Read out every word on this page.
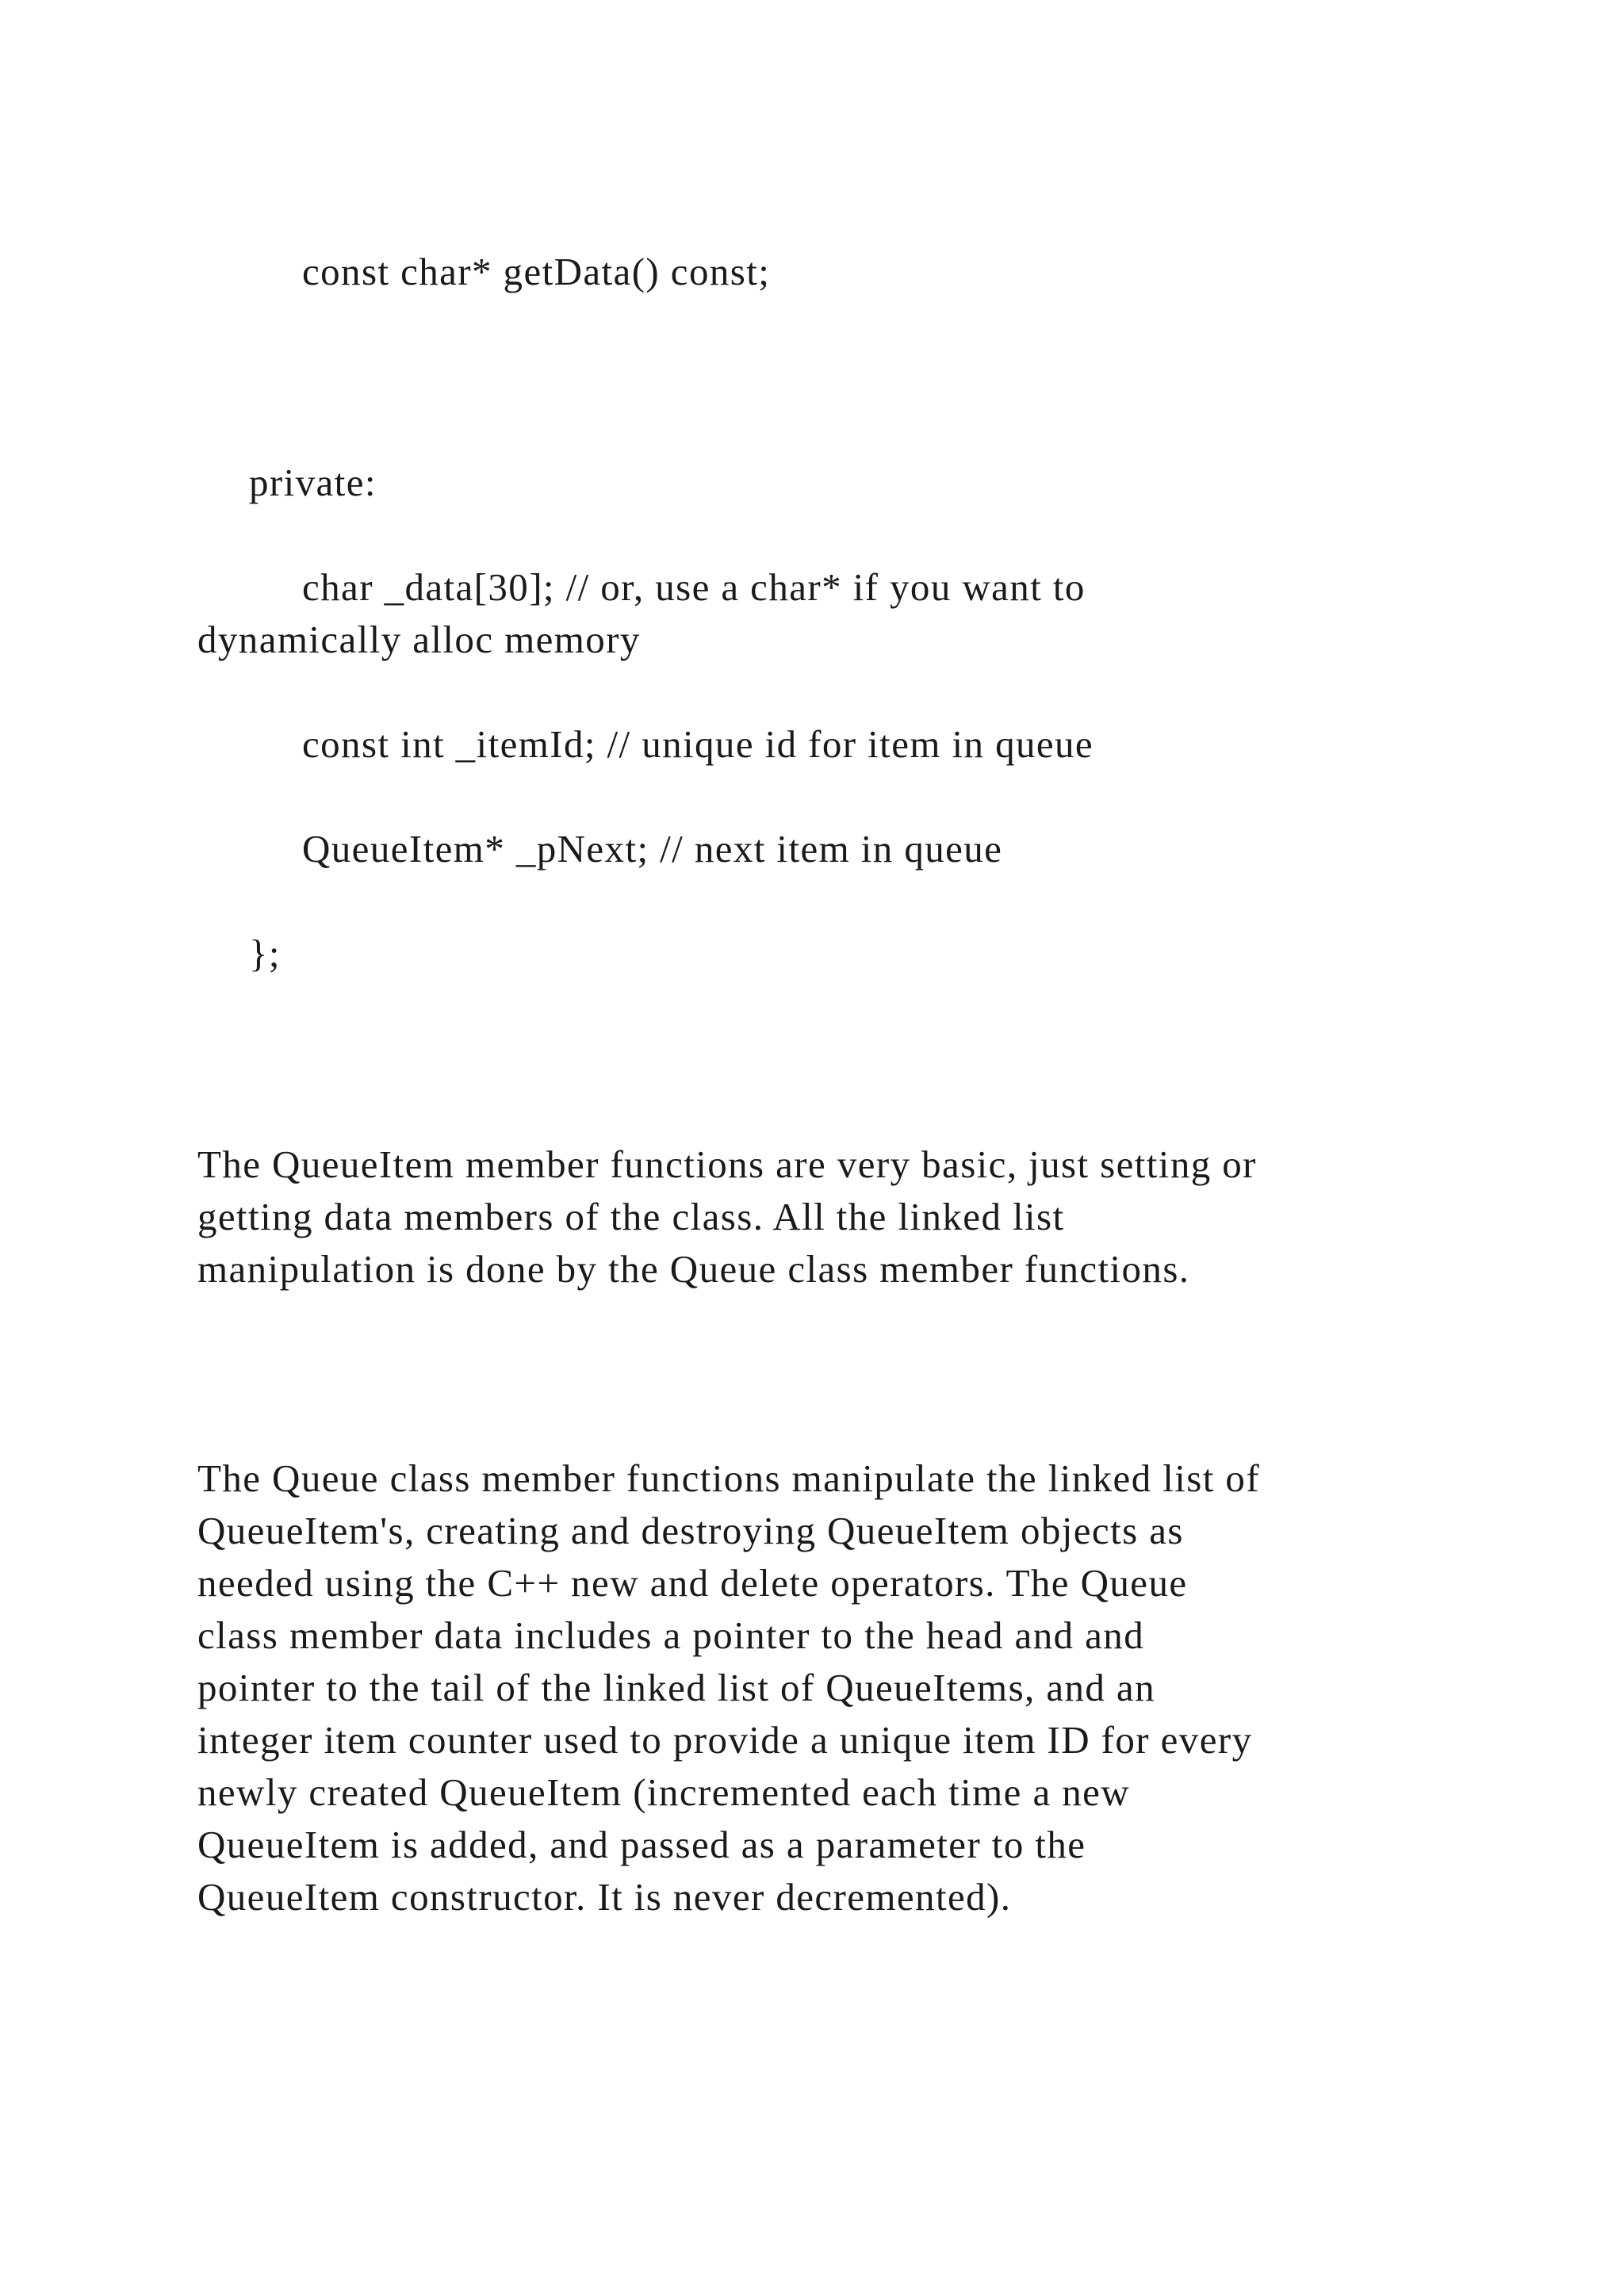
const char* getData() const;

private:

char _data[30]; // or, use a char* if you want to

dynamically alloc memory

const int _itemId; // unique id for item in queue

QueueItem* _pNext; // next item in queue

};

The QueueItem member functions are very basic, just setting or

getting data members of the class. All the linked list

manipulation is done by the Queue class member functions.

The Queue class member functions manipulate the linked list of

QueueItem's, creating and destroying QueueItem objects as

needed using the C++ new and delete operators. The Queue

class member data includes a pointer to the head and and

pointer to the tail of the linked list of QueueItems, and an

integer item counter used to provide a unique item ID for every

newly created QueueItem (incremented each time a new

QueueItem is added, and passed as a parameter to the

QueueItem constructor. It is never decremented).
